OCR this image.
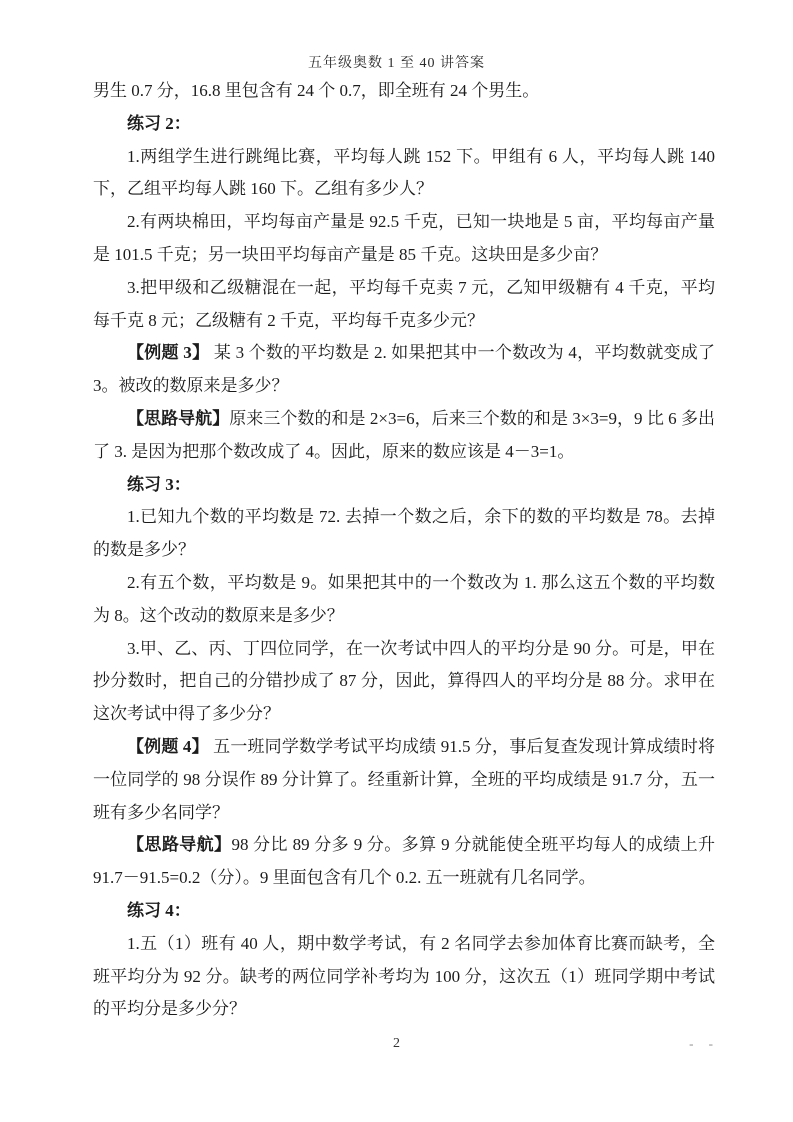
五年级奥数 1 至 40 讲答案

男生 0.7 分，16.8 里包含有 24 个 0.7，即全班有 24 个男生。

练习 2：

1.两组学生进行跳绳比赛，平均每人跳 152 下。甲组有 6 人，平均每人跳 140 下，乙组平均每人跳 160 下。乙组有多少人？

2.有两块棉田，平均每亩产量是 92.5 千克，已知一块地是 5 亩，平均每亩产量是 101.5 千克；另一块田平均每亩产量是 85 千克。这块田是多少亩？

3.把甲级和乙级糖混在一起，平均每千克卖 7 元，乙知甲级糖有 4 千克，平均每千克 8 元；乙级糖有 2 千克，平均每千克多少元？

【例题 3】 某 3 个数的平均数是 2. 如果把其中一个数改为 4，平均数就变成了 3。被改的数原来是多少？

【思路导航】原来三个数的和是 2×3=6，后来三个数的和是 3×3=9，9 比 6 多出了 3. 是因为把那个数改成了 4。因此，原来的数应该是 4－3=1。

练习 3：

1.已知九个数的平均数是 72. 去掉一个数之后，余下的数的平均数是 78。去掉的数是多少？

2.有五个数，平均数是 9。如果把其中的一个数改为 1. 那么这五个数的平均数为 8。这个改动的数原来是多少？

3.甲、乙、丙、丁四位同学，在一次考试中四人的平均分是 90 分。可是，甲在抄分数时，把自己的分错抄成了 87 分，因此，算得四人的平均分是 88 分。求甲在这次考试中得了多少分？

【例题 4】 五一班同学数学考试平均成绩 91.5 分，事后复查发现计算成绩时将一位同学的 98 分误作 89 分计算了。经重新计算，全班的平均成绩是 91.7 分，五一班有多少名同学？

【思路导航】98 分比 89 分多 9 分。多算 9 分就能使全班平均每人的成绩上升 91.7－91.5=0.2（分）。9 里面包含有几个 0.2. 五一班就有几名同学。

练习 4：

1.五（1）班有 40 人，期中数学考试，有 2 名同学去参加体育比赛而缺考，全班平均分为 92 分。缺考的两位同学补考均为 100 分，这次五（1）班同学期中考试的平均分是多少分？

2	- -
